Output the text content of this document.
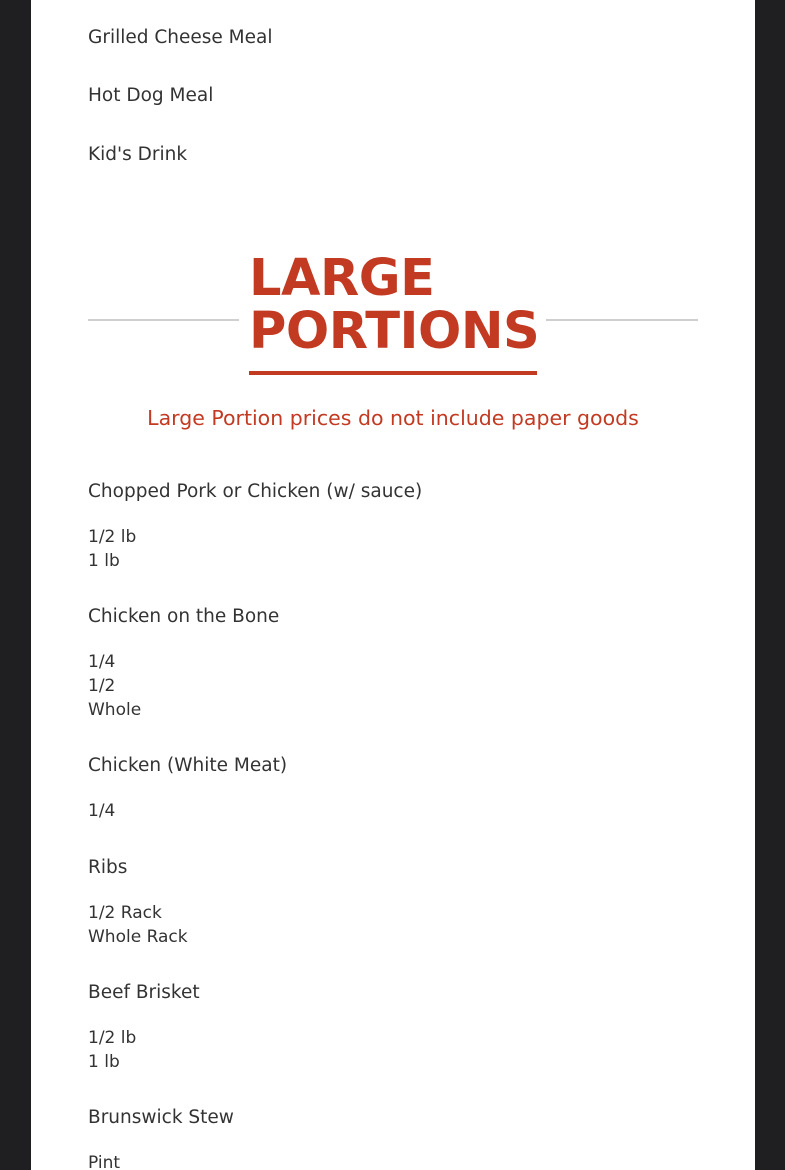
Grilled Cheese Meal
Hot Dog Meal
Kid's Drink
LARGE
PORTIONS
Large Portion prices do not include paper goods
Chopped Pork or Chicken (w/ sauce)
1/2 lb
1 lb
Chicken on the Bone
1/4
1/2
Whole
Chicken (White Meat)
1/4
Ribs
1/2 Rack
Whole Rack
Beef Brisket
1/2 lb
1 lb
Brunswick Stew
Pint
